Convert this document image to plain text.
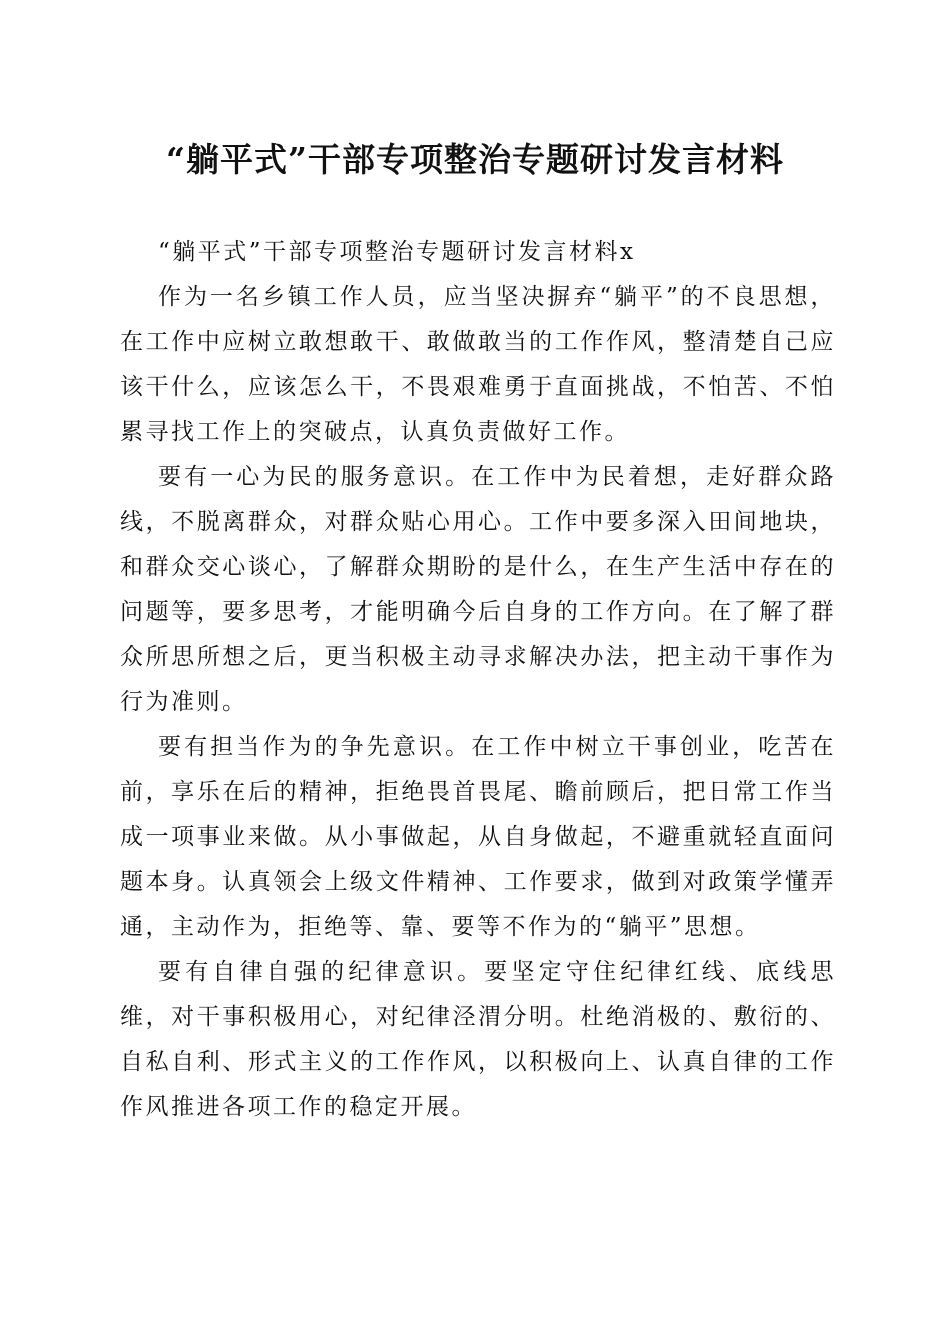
“躺平式”干部专项整治专题研讨发言材料

“躺平式”干部专项整治专题研讨发言材料x

作为一名乡镇工作人员，应当坚决摒弃“躺平”的不良思想，在工作中应树立敢想敢干、敢做敢当的工作作风，整清楚自己应该干什么，应该怎么干，不畏艰难勇于直面挑战，不怕苦、不怕累寻找工作上的突破点，认真负责做好工作。

要有一心为民的服务意识。在工作中为民着想，走好群众路线，不脱离群众，对群众贴心用心。工作中要多深入田间地块，和群众交心谈心，了解群众期盼的是什么，在生产生活中存在的问题等，要多思考，才能明确今后自身的工作方向。在了解了群众所思所想之后，更当积极主动寻求解决办法，把主动干事作为行为准则。

要有担当作为的争先意识。在工作中树立干事创业，吃苦在前，享乐在后的精神，拒绝畏首畏尾、瞻前顾后，把日常工作当成一项事业来做。从小事做起，从自身做起，不避重就轻直面问题本身。认真领会上级文件精神、工作要求，做到对政策学懂弄通，主动作为，拒绝等、靠、要等不作为的“躺平”思想。

要有自律自强的纪律意识。要坚定守住纪律红线、底线思维，对干事积极用心，对纪律泾渭分明。杜绝消极的、敷衍的、自私自利、形式主义的工作作风，以积极向上、认真自律的工作作风推进各项工作的稳定开展。
